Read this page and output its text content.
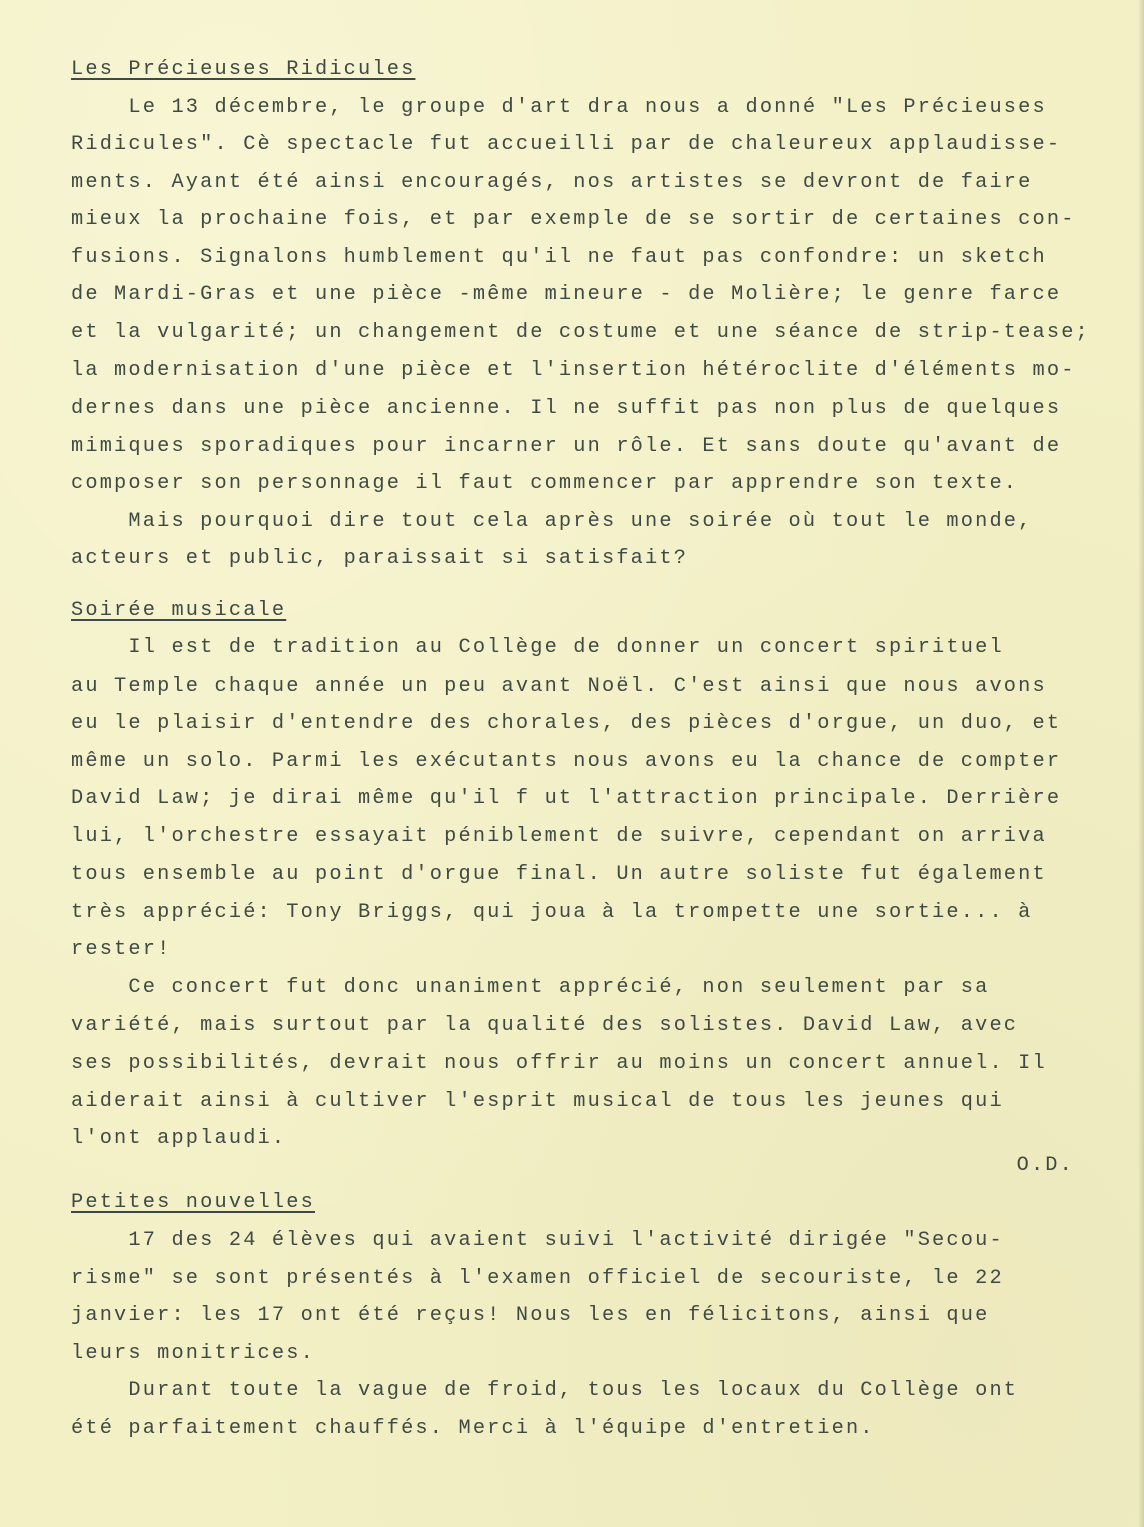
Les Précieuses Ridicules
Le 13 décembre, le groupe d'art dra nous a donné "Les Précieuses
Ridicules". Cè spectacle fut accueilli par de chaleureux applaudisse-
ments. Ayant été ainsi encouragés, nos artistes se devront de faire
mieux la prochaine fois, et par exemple de se sortir de certaines con-
fusions. Signalons humblement qu'il ne faut pas confondre: un sketch
de Mardi-Gras et une pièce -même mineure - de Molière; le genre farce
et la vulgarité; un changement de costume et une séance de strip-tease;
la modernisation d'une pièce et l'insertion hétéroclite d'éléments mo-
dernes dans une pièce ancienne. Il ne suffit pas non plus de quelques
mimiques sporadiques pour incarner un rôle. Et sans doute qu'avant de
composer son personnage il faut commencer par apprendre son texte.
Mais pourquoi dire tout cela après une soirée où tout le monde,
acteurs et public, paraissait si satisfait?
Soirée musicale
Il est de tradition au Collège de donner un concert spirituel
au Temple chaque année un peu avant Noël. C'est ainsi que nous avons
eu le plaisir d'entendre des chorales, des pièces d'orgue, un duo, et
même un solo. Parmi les exécutants nous avons eu la chance de compter
David Law; je dirai même qu'il f ut l'attraction principale. Derrière
lui, l'orchestre essayait péniblement de suivre, cependant on arriva
tous ensemble au point d'orgue final. Un autre soliste fut également
très apprécié: Tony Briggs, qui joua à la trompette une sortie... à
rester!
Ce concert fut donc unaniment apprécié, non seulement par sa
variété, mais surtout par la qualité des solistes. David Law, avec
ses possibilités, devrait nous offrir au moins un concert annuel. Il
aiderait ainsi à cultiver l'esprit musical de tous les jeunes qui
l'ont applaudi.
O.D.
Petites nouvelles
17 des 24 élèves qui avaient suivi l'activité dirigée "Secou-
risme" se sont présentés à l'examen officiel de secouriste, le 22
janvier: les 17 ont été reçus! Nous les en félicitons, ainsi que
leurs monitrices.
Durant toute la vague de froid, tous les locaux du Collège ont
été parfaitement chauffés. Merci à l'équipe d'entretien.
